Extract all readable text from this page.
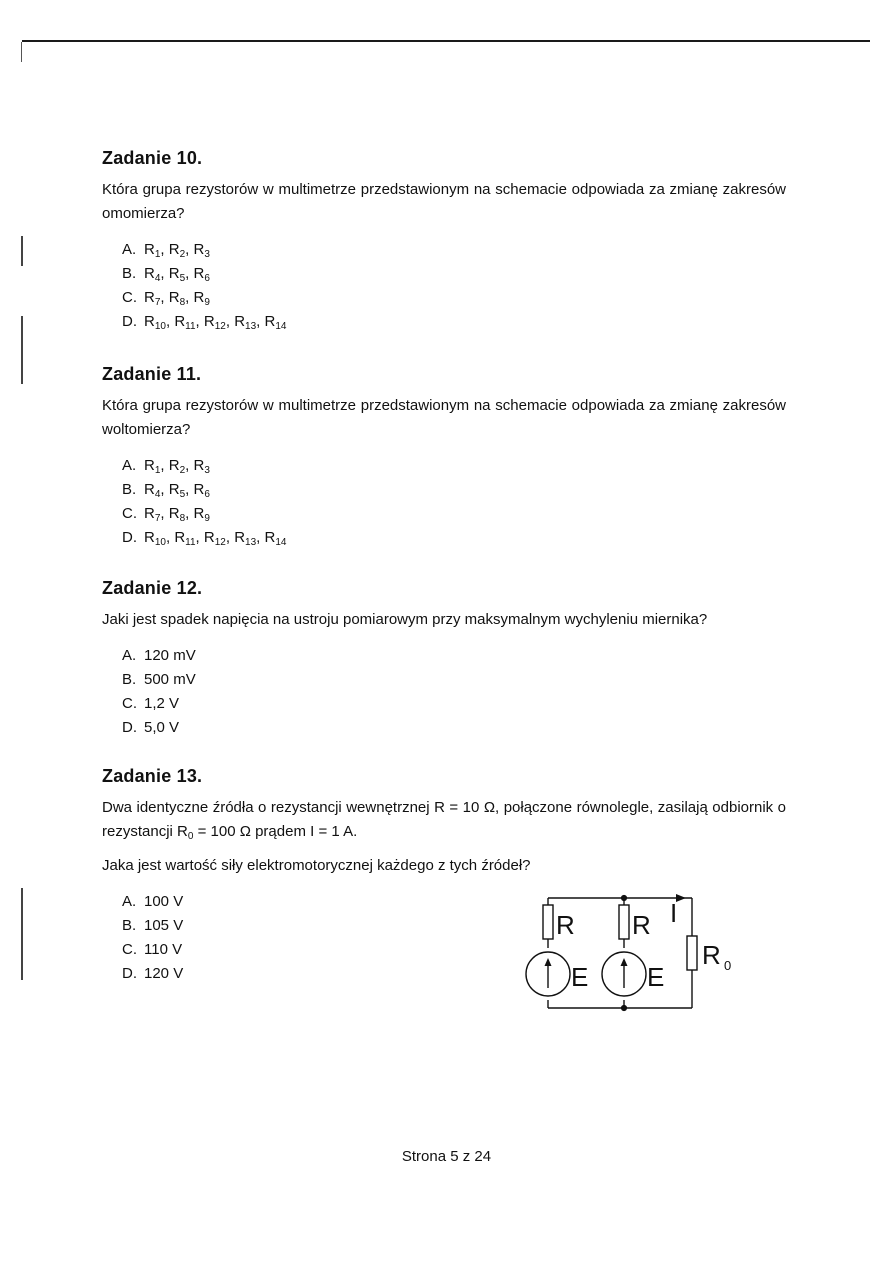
Zadanie 10.

Która grupa rezystorów w multimetrze przedstawionym na schemacie odpowiada za zmianę zakresów omomierza?

A. $R_1$, $R_2$, $R_3$
B. $R_4$, $R_5$, $R_6$
C. $R_7$, $R_8$, $R_9$
D. $R_{10}$, $R_{11}$, $R_{12}$, $R_{13}$, $R_{14}$
Zadanie 11.

Która grupa rezystorów w multimetrze przedstawionym na schemacie odpowiada za zmianę zakresów woltomierza?

A. $R_1$, $R_2$, $R_3$
B. $R_4$, $R_5$, $R_6$
C. $R_7$, $R_8$, $R_9$
D. $R_{10}$, $R_{11}$, $R_{12}$, $R_{13}$, $R_{14}$
Zadanie 12.

Jaki jest spadek napięcia na ustroju pomiarowym przy maksymalnym wychyleniu miernika?

A. 120 mV
B. 500 mV
C. 1,2 V
D. 5,0 V
Zadanie 13.

Dwa identyczne źródła o rezystancji wewnętrznej R = 10 Ω, połączone równolegle, zasilają odbiornik o rezystancji $R_0 = 100$ Ω prądem I = 1 A.

Jaka jest wartość siły elektromotorycznej każdego z tych źródeł?

A. 100 V
B. 105 V
C. 110 V
D. 120 V
R R I
R 0
E E
Strona 5 z 24
